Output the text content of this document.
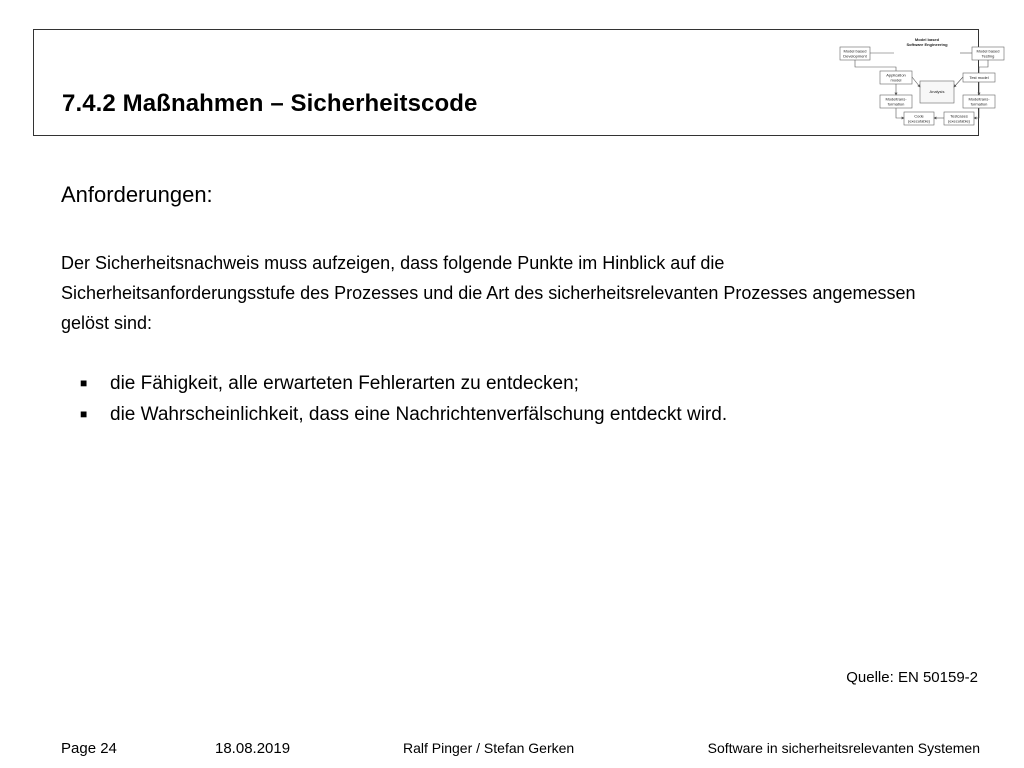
7.4.2 Maßnahmen – Sicherheitscode
Model based
Software Engineering
Model based
Development
Model based
Testing
Application
model	Test model
Analysis
Modeltrans-
formation
Modeltrans-
formation
Code
(executable)
Testcases
(executable)
Anforderungen:

Der Sicherheitsnachweis muss aufzeigen, dass folgende Punkte im Hinblick auf die Sicherheitsanforderungsstufe des Prozesses und die Art des sicherheitsrelevanten Prozesses angemessen gelöst sind:

■	die Fähigkeit, alle erwarteten Fehlerarten zu entdecken;
■	die Wahrscheinlichkeit, dass eine Nachrichtenverfälschung entdeckt wird.
Quelle: EN 50159-2
Page 24	18.08.2019	Ralf Pinger / Stefan Gerken	Software in sicherheitsrelevanten Systemen
